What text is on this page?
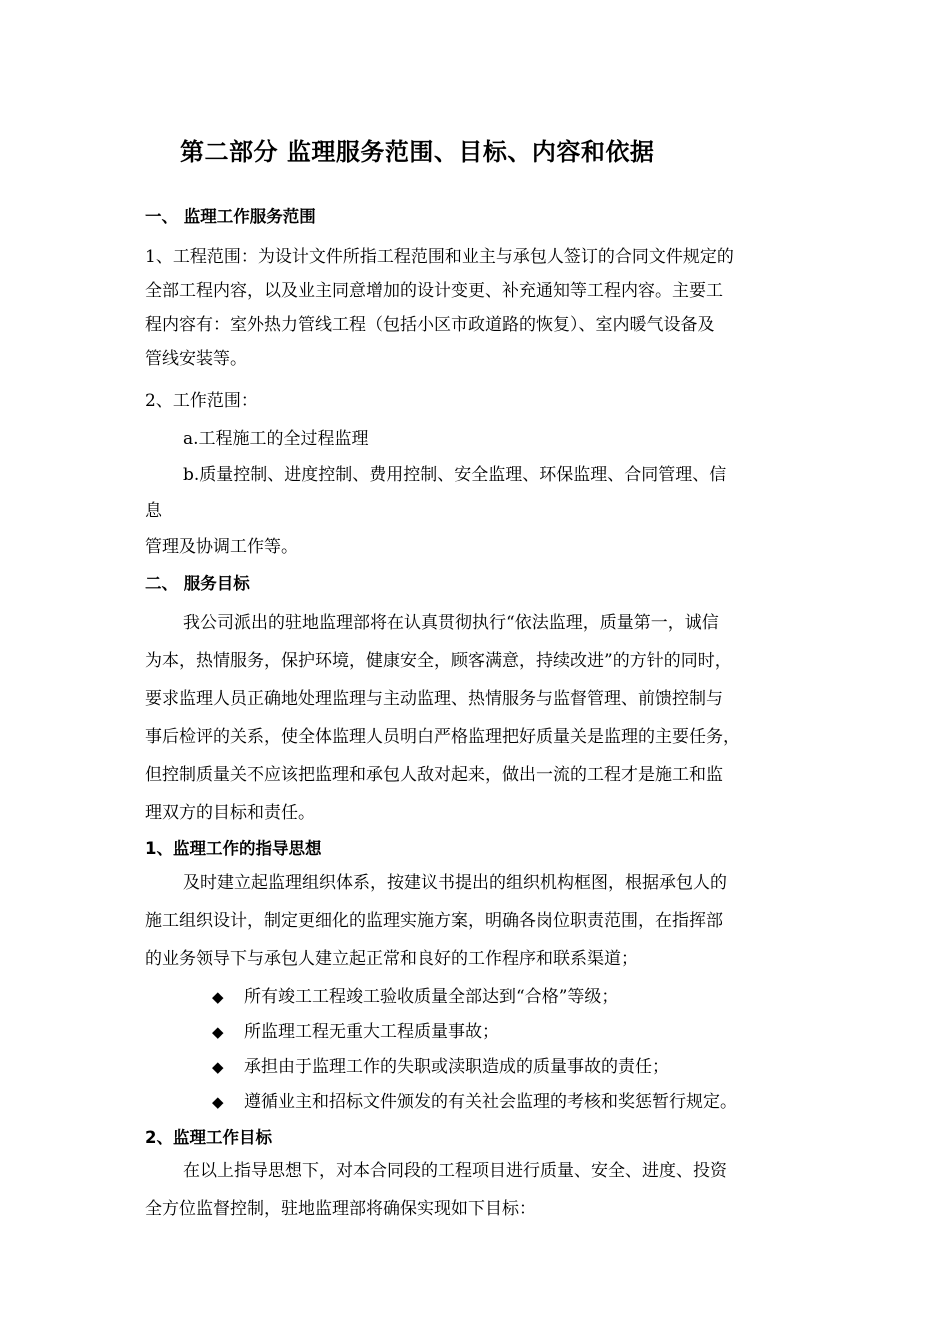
第二部分 监理服务范围、目标、内容和依据
一、 监理工作服务范围
1、工程范围：为设计文件所指工程范围和业主与承包人签订的合同文件规定的
全部工程内容，以及业主同意增加的设计变更、补充通知等工程内容。主要工
程内容有：室外热力管线工程（包括小区市政道路的恢复）、室内暖气设备及
管线安装等。
2、工作范围：
a.工程施工的全过程监理
b.质量控制、进度控制、费用控制、安全监理、环保监理、合同管理、信
息
管理及协调工作等。
二、 服务目标
我公司派出的驻地监理部将在认真贯彻执行“依法监理，质量第一，诚信
为本，热情服务，保护环境，健康安全，顾客满意，持续改进”的方针的同时，
要求监理人员正确地处理监理与主动监理、热情服务与监督管理、前馈控制与
事后检评的关系，使全体监理人员明白严格监理把好质量关是监理的主要任务，
但控制质量关不应该把监理和承包人敌对起来，做出一流的工程才是施工和监
理双方的目标和责任。
1、监理工作的指导思想
及时建立起监理组织体系，按建议书提出的组织机构框图，根据承包人的
施工组织设计，制定更细化的监理实施方案，明确各岗位职责范围，在指挥部
的业务领导下与承包人建立起正常和良好的工作程序和联系渠道；
◆ 所有竣工工程竣工验收质量全部达到“合格”等级；
◆ 所监理工程无重大工程质量事故；
◆ 承担由于监理工作的失职或渎职造成的质量事故的责任；
◆ 遵循业主和招标文件颁发的有关社会监理的考核和奖惩暂行规定。
2、监理工作目标
在以上指导思想下，对本合同段的工程项目进行质量、安全、进度、投资
全方位监督控制，驻地监理部将确保实现如下目标：
